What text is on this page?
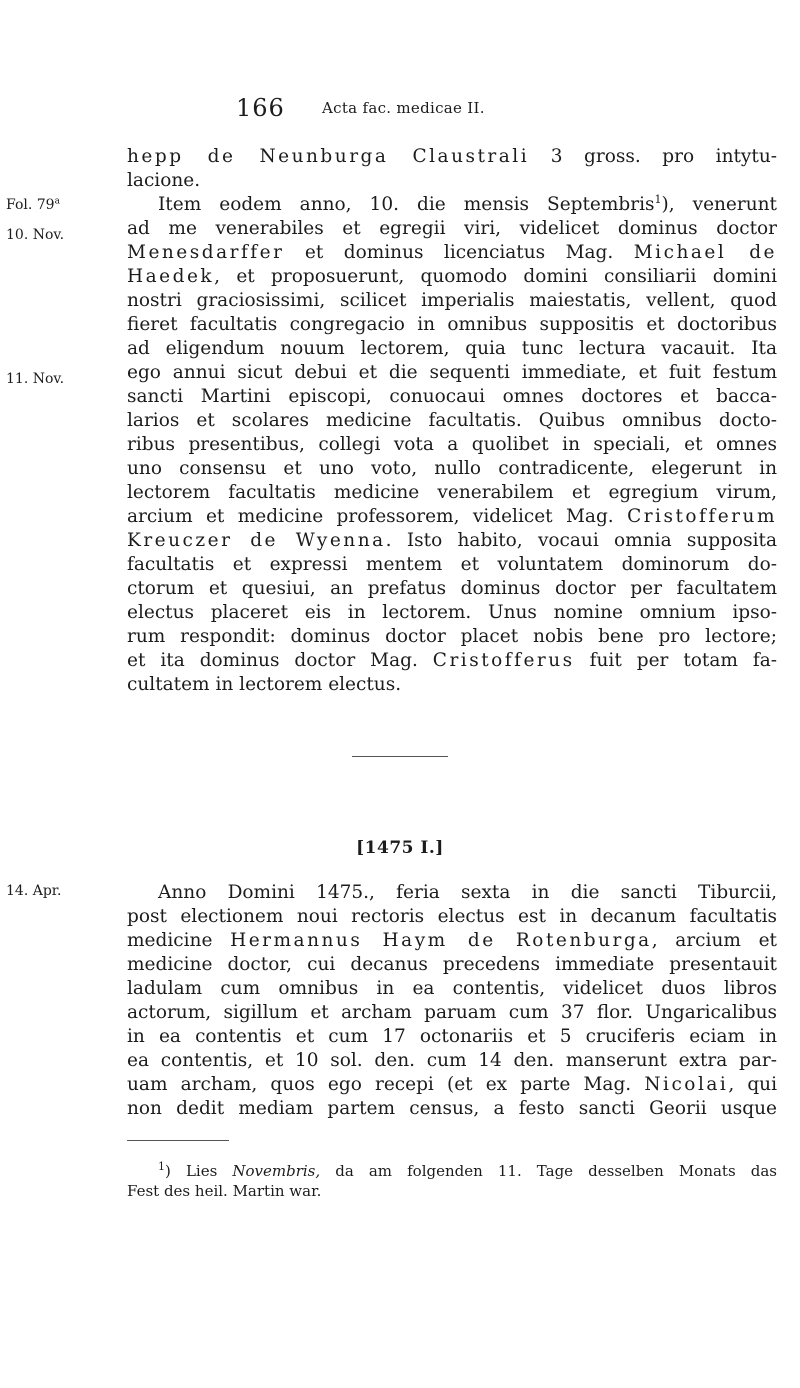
166 Acta fac. medicae II.
Fol. 79$^a$
10. Nov.
11. Nov.
14. Apr.
hepp de Neunburga Claustrali 3 gross. pro intytu-
lacione.
Item eodem anno, 10. die mensis Septembris$^1$), venerunt
ad me venerabiles et egregii viri, videlicet dominus doctor
Menesdarffer et dominus licenciatus Mag. Michael de
Haedek, et proposuerunt, quomodo domini consiliarii domini
nostri graciosissimi, scilicet imperialis maiestatis, vellent, quod
fieret facultatis congregacio in omnibus suppositis et doctoribus
ad eligendum nouum lectorem, quia tunc lectura vacauit. Ita
ego annui sicut debui et die sequenti immediate, et fuit festum
sancti Martini episcopi, conuocaui omnes doctores et bacca-
larios et scolares medicine facultatis. Quibus omnibus docto-
ribus presentibus, collegi vota a quolibet in speciali, et omnes
uno consensu et uno voto, nullo contradicente, elegerunt in
lectorem facultatis medicine venerabilem et egregium virum,
arcium et medicine professorem, videlicet Mag. Cristofferum
Kreuczer de Wyenna. Isto habito, vocaui omnia supposita
facultatis et expressi mentem et voluntatem dominorum do-
ctorum et quesiui, an prefatus dominus doctor per facultatem
electus placeret eis in lectorem. Unus nomine omnium ipso-
rum respondit: dominus doctor placet nobis bene pro lectore;
et ita dominus doctor Mag. Cristofferus fuit per totam fa-
cultatem in lectorem electus.
[1475 I.]
Anno Domini 1475., feria sexta in die sancti Tiburcii,
post electionem noui rectoris electus est in decanum facultatis
medicine Hermannus Haym de Rotenburga, arcium et
medicine doctor, cui decanus precedens immediate presentauit
ladulam cum omnibus in ea contentis, videlicet duos libros
actorum, sigillum et archam paruam cum 37 flor. Ungaricalibus
in ea contentis et cum 17 octonariis et 5 cruciferis eciam in
ea contentis, et 10 sol. den. cum 14 den. manserunt extra par-
uam archam, quos ego recepi (et ex parte Mag. Nicolai, qui
non dedit mediam partem census, a festo sancti Georii usque
$^1$) Lies Novembris, da am folgenden 11. Tage desselben Monats das
Fest des heil. Martin war.
